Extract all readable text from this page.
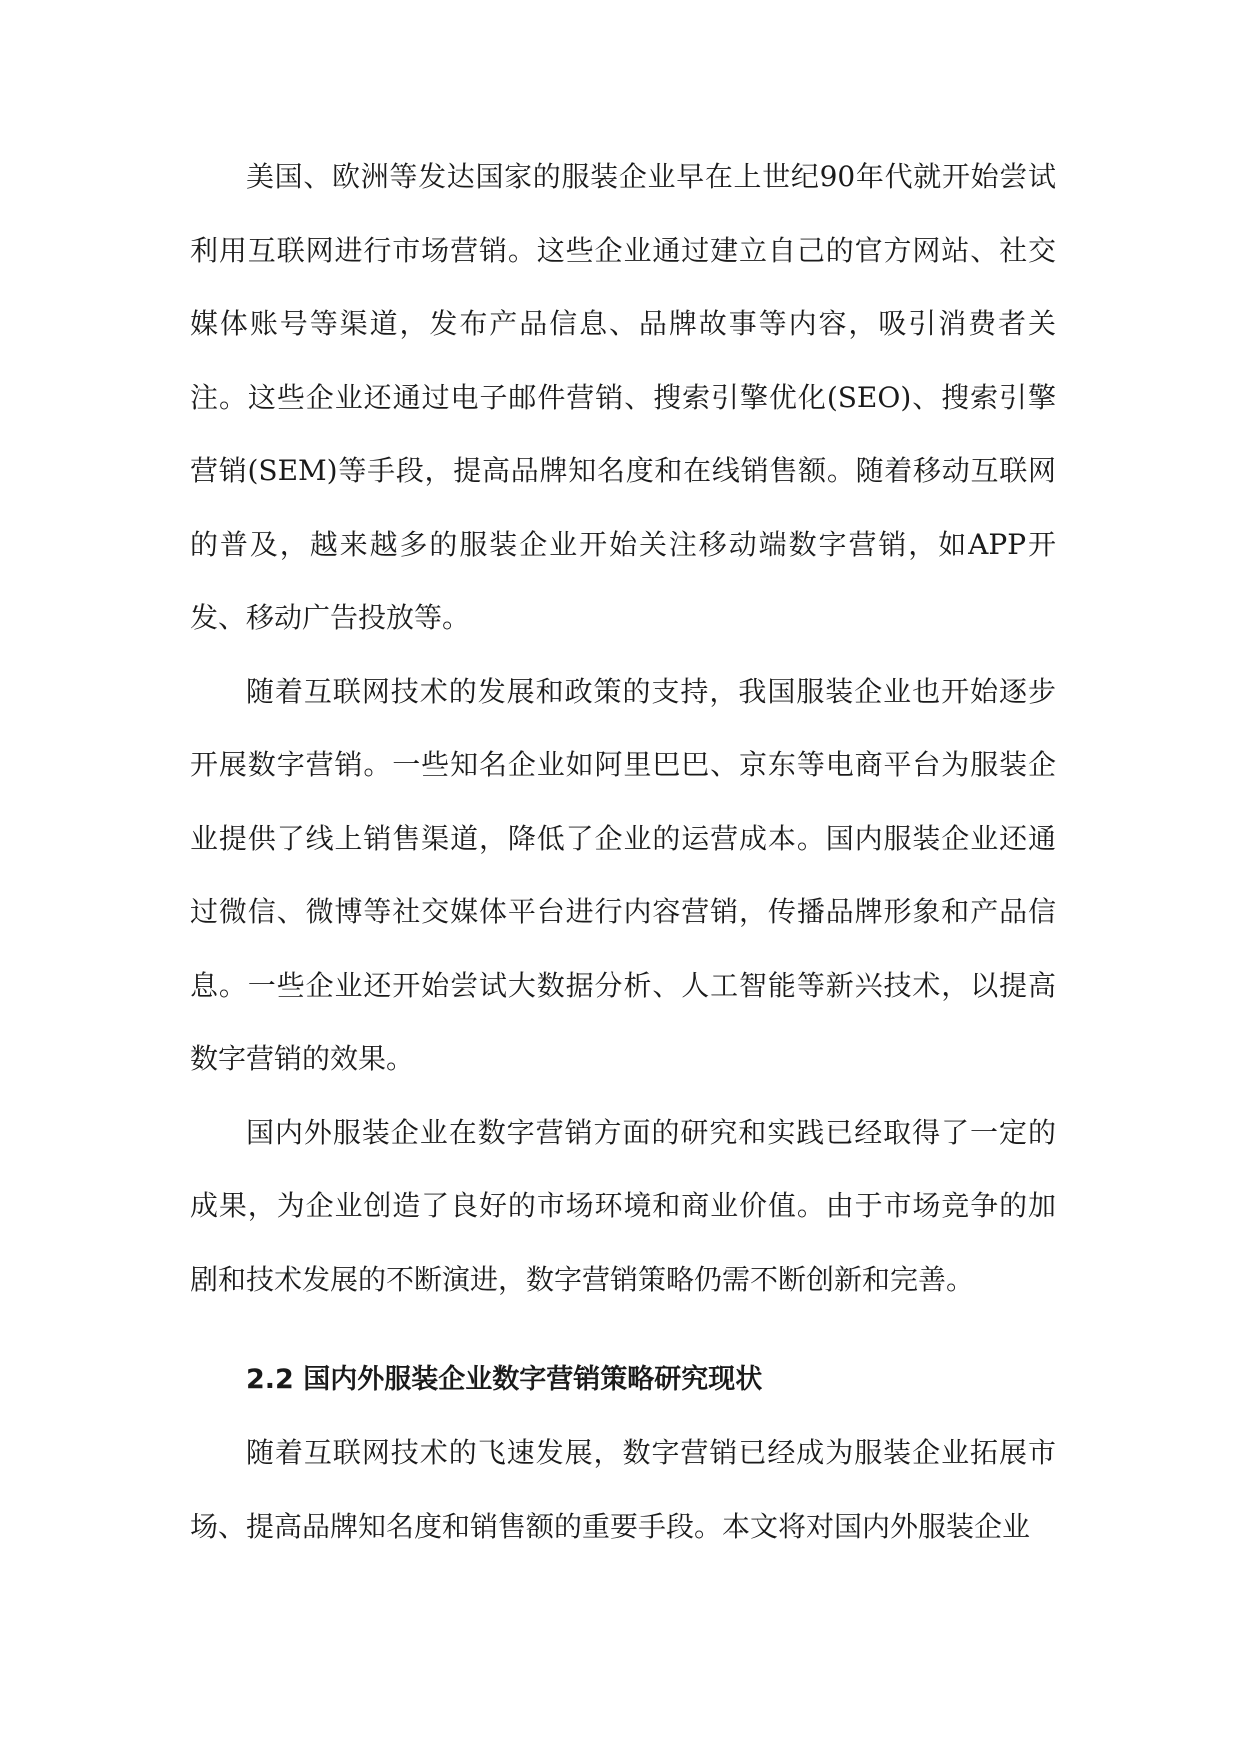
美国、欧洲等发达国家的服装企业早在上世纪90年代就开始尝试利用互联网进行市场营销。这些企业通过建立自己的官方网站、社交媒体账号等渠道，发布产品信息、品牌故事等内容，吸引消费者关注。这些企业还通过电子邮件营销、搜索引擎优化(SEO)、搜索引擎营销(SEM)等手段，提高品牌知名度和在线销售额。随着移动互联网的普及，越来越多的服装企业开始关注移动端数字营销，如APP开发、移动广告投放等。

随着互联网技术的发展和政策的支持，我国服装企业也开始逐步开展数字营销。一些知名企业如阿里巴巴、京东等电商平台为服装企业提供了线上销售渠道，降低了企业的运营成本。国内服装企业还通过微信、微博等社交媒体平台进行内容营销，传播品牌形象和产品信息。一些企业还开始尝试大数据分析、人工智能等新兴技术，以提高数字营销的效果。

国内外服装企业在数字营销方面的研究和实践已经取得了一定的成果，为企业创造了良好的市场环境和商业价值。由于市场竞争的加剧和技术发展的不断演进，数字营销策略仍需不断创新和完善。

2.2 国内外服装企业数字营销策略研究现状

随着互联网技术的飞速发展，数字营销已经成为服装企业拓展市场、提高品牌知名度和销售额的重要手段。本文将对国内外服装企业
